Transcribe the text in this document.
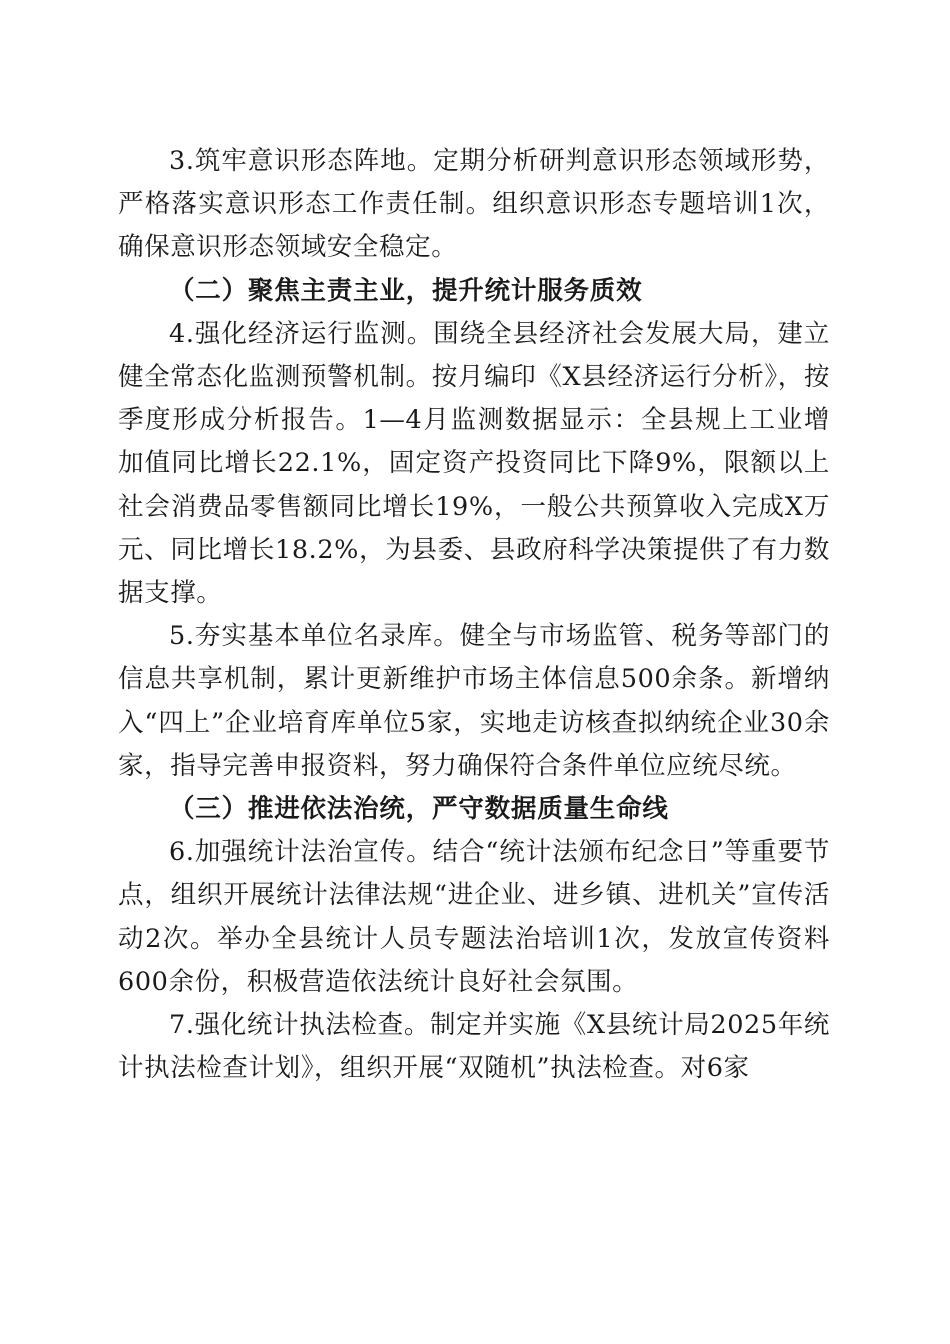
3.筑牢意识形态阵地。定期分析研判意识形态领域形势，严格落实意识形态工作责任制。组织意识形态专题培训1次，确保意识形态领域安全稳定。

（二）聚焦主责主业，提升统计服务质效

4.强化经济运行监测。围绕全县经济社会发展大局，建立健全常态化监测预警机制。按月编印《X县经济运行分析》，按季度形成分析报告。1—4月监测数据显示：全县规上工业增加值同比增长22.1%，固定资产投资同比下降9%，限额以上社会消费品零售额同比增长19%，一般公共预算收入完成X万元、同比增长18.2%，为县委、县政府科学决策提供了有力数据支撑。

5.夯实基本单位名录库。健全与市场监管、税务等部门的信息共享机制，累计更新维护市场主体信息500余条。新增纳入“四上”企业培育库单位5家，实地走访核查拟纳统企业30余家，指导完善申报资料，努力确保符合条件单位应统尽统。

（三）推进依法治统，严守数据质量生命线

6.加强统计法治宣传。结合“统计法颁布纪念日”等重要节点，组织开展统计法律法规“进企业、进乡镇、进机关”宣传活动2次。举办全县统计人员专题法治培训1次，发放宣传资料600余份，积极营造依法统计良好社会氛围。

7.强化统计执法检查。制定并实施《X县统计局2025年统计执法检查计划》，组织开展“双随机”执法检查。对6家
